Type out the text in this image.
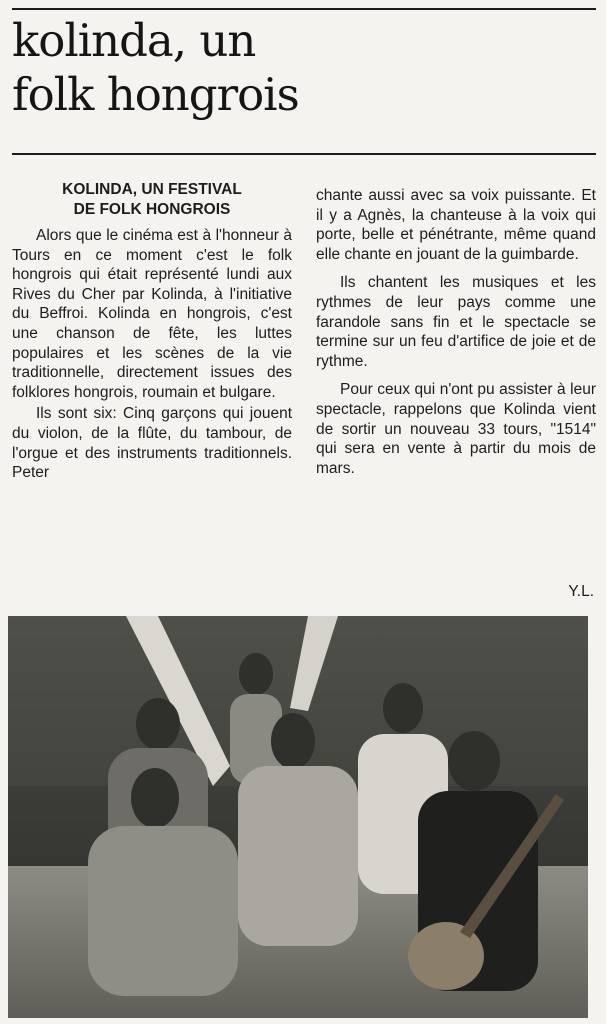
kolinda, un
folk hongrois
KOLINDA, UN FESTIVAL
DE FOLK HONGROIS

Alors que le cinéma est à l'honneur à Tours en ce moment c'est le folk hongrois qui était représenté lundi aux Rives du Cher par Kolinda, à l'initiative du Beffroi. Kolinda en hongrois, c'est une chanson de fête, les luttes populaires et les scènes de la vie traditionnelle, directement issues des folklores hongrois, roumain et bulgare.

Ils sont six: Cinq garçons qui jouent du violon, de la flûte, du tambour, de l'orgue et des instruments traditionnels. Peter

chante aussi avec sa voix puissante. Et il y a Agnès, la chanteuse à la voix qui porte, belle et pénétrante, même quand elle chante en jouant de la guimbarde.

Ils chantent les musiques et les rythmes de leur pays comme une farandole sans fin et le spectacle se termine sur un feu d'artifice de joie et de rythme.

Pour ceux qui n'ont pu assister à leur spectacle, rappelons que Kolinda vient de sortir un nouveau 33 tours, "1514" qui sera en vente à partir du mois de mars.

Y.L.
